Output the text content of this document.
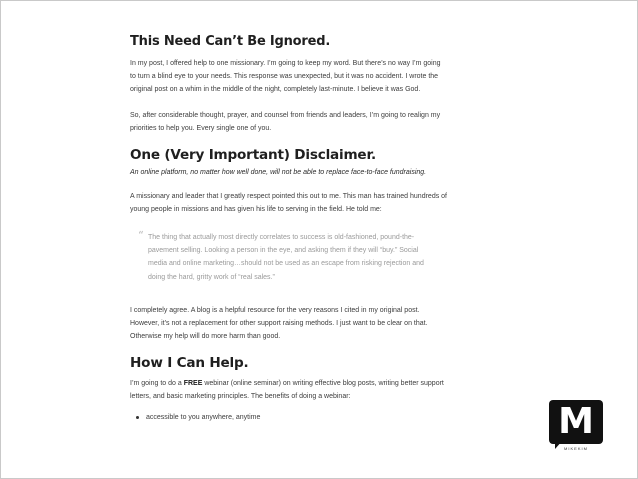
This Need Can’t Be Ignored.

In my post, I offered help to one missionary. I’m going to keep my word. But there’s no way I’m going
to turn a blind eye to your needs. This response was unexpected, but it was no accident. I wrote the
original post on a whim in the middle of the night, completely last-minute. I believe it was God.

So, after considerable thought, prayer, and counsel from friends and leaders, I’m going to realign my
priorities to help you. Every single one of you.

One (Very Important) Disclaimer.

An online platform, no matter how well done, will not be able to replace face-to-face fundraising.

A missionary and leader that I greatly respect pointed this out to me. This man has trained hundreds of
young people in missions and has given his life to serving in the field. He told me:

“ The thing that actually most directly correlates to success is old-fashioned, pound-the-
pavement selling. Looking a person in the eye, and asking them if they will “buy.” Social
media and online marketing…should not be used as an escape from risking rejection and
doing the hard, gritty work of “real sales.”

I completely agree. A blog is a helpful resource for the very reasons I cited in my original post.
However, it’s not a replacement for other support raising methods. I just want to be clear on that.
Otherwise my help will do more harm than good.

How I Can Help.

I’m going to do a FREE webinar (online seminar) on writing effective blog posts, writing better support
letters, and basic marketing principles. The benefits of doing a webinar:

accessible to you anywhere, anytime	M
MIKEKIM
